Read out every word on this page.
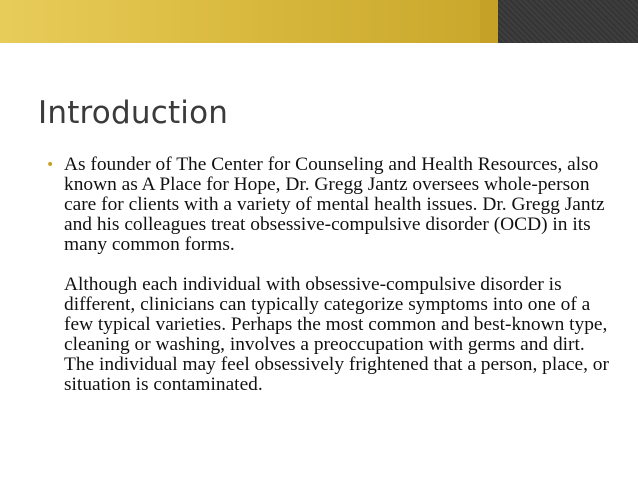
Introduction
• As founder of The Center for Counseling and Health Resources, also known as A Place for Hope, Dr. Gregg Jantz oversees whole-person care for clients with a variety of mental health issues. Dr. Gregg Jantz and his colleagues treat obsessive-compulsive disorder (OCD) in its many common forms.

Although each individual with obsessive-compulsive disorder is different, clinicians can typically categorize symptoms into one of a few typical varieties. Perhaps the most common and best-known type, cleaning or washing, involves a preoccupation with germs and dirt. The individual may feel obsessively frightened that a person, place, or situation is contaminated.
